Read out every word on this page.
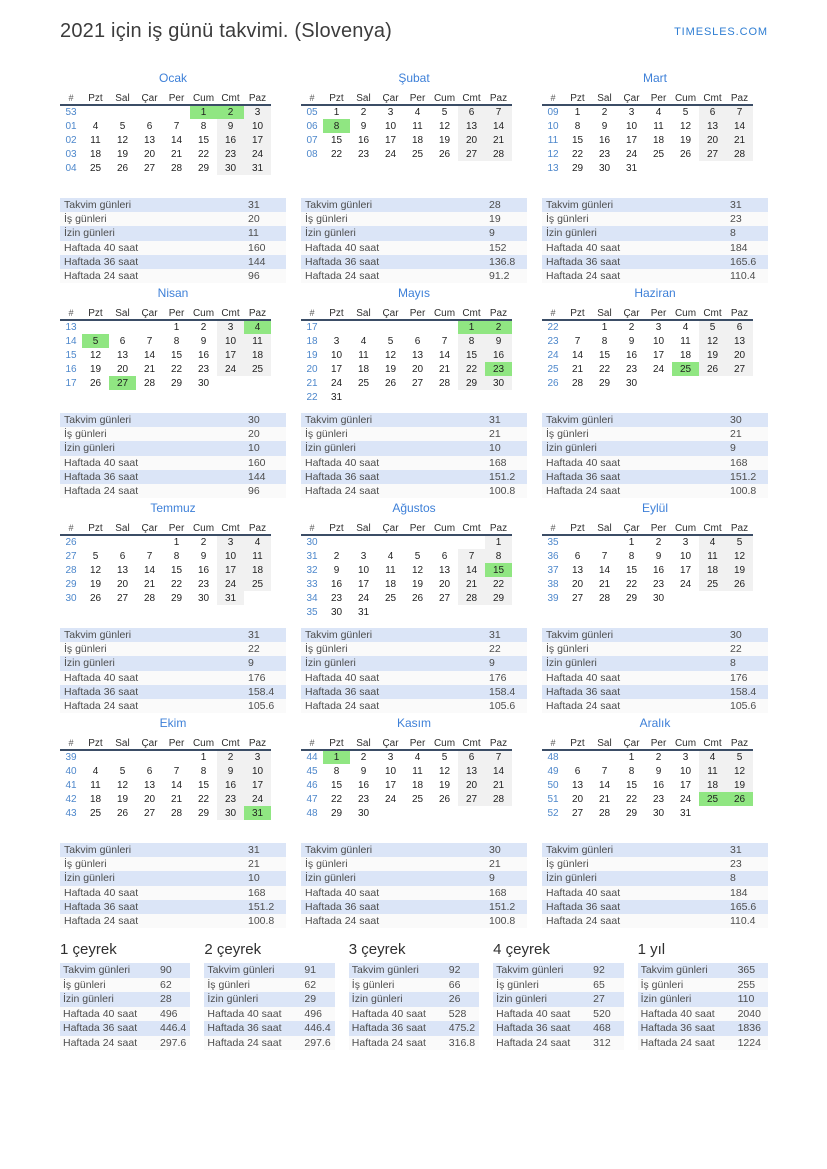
2021 için iş günü takvimi. (Slovenya)	TIMESLES.COM
Ocak
#	Pzt	Sal	Çar	Per	Cum	Cmt	Paz
53					1	2	3
01	4	5	6	7	8	9	10
02	11	12	13	14	15	16	17
03	18	19	20	21	22	23	24
04	25	26	27	28	29	30	31
Takvim günleri	31
İş günleri	20
İzin günleri	11
Haftada 40 saat	160
Haftada 36 saat	144
Haftada 24 saat	96
Şubat
#	Pzt	Sal	Çar	Per	Cum	Cmt	Paz
05	1	2	3	4	5	6	7
06	8	9	10	11	12	13	14
07	15	16	17	18	19	20	21
08	22	23	24	25	26	27	28
Takvim günleri	28
İş günleri	19
İzin günleri	9
Haftada 40 saat	152
Haftada 36 saat	136.8
Haftada 24 saat	91.2
Mart
#	Pzt	Sal	Çar	Per	Cum	Cmt	Paz
09	1	2	3	4	5	6	7
10	8	9	10	11	12	13	14
11	15	16	17	18	19	20	21
12	22	23	24	25	26	27	28
13	29	30	31				
Takvim günleri	31
İş günleri	23
İzin günleri	8
Haftada 40 saat	184
Haftada 36 saat	165.6
Haftada 24 saat	110.4
Nisan
#	Pzt	Sal	Çar	Per	Cum	Cmt	Paz
13				1	2	3	4
14	5	6	7	8	9	10	11
15	12	13	14	15	16	17	18
16	19	20	21	22	23	24	25
17	26	27	28	29	30		
Takvim günleri	30
İş günleri	20
İzin günleri	10
Haftada 40 saat	160
Haftada 36 saat	144
Haftada 24 saat	96
Mayıs
#	Pzt	Sal	Çar	Per	Cum	Cmt	Paz
17						1	2
18	3	4	5	6	7	8	9
19	10	11	12	13	14	15	16
20	17	18	19	20	21	22	23
21	24	25	26	27	28	29	30
22	31						
Takvim günleri	31
İş günleri	21
İzin günleri	10
Haftada 40 saat	168
Haftada 36 saat	151.2
Haftada 24 saat	100.8
Haziran
#	Pzt	Sal	Çar	Per	Cum	Cmt	Paz
22		1	2	3	4	5	6
23	7	8	9	10	11	12	13
24	14	15	16	17	18	19	20
25	21	22	23	24	25	26	27
26	28	29	30				
Takvim günleri	30
İş günleri	21
İzin günleri	9
Haftada 40 saat	168
Haftada 36 saat	151.2
Haftada 24 saat	100.8
Temmuz
#	Pzt	Sal	Çar	Per	Cum	Cmt	Paz
26				1	2	3	4
27	5	6	7	8	9	10	11
28	12	13	14	15	16	17	18
29	19	20	21	22	23	24	25
30	26	27	28	29	30	31	
Takvim günleri	31
İş günleri	22
İzin günleri	9
Haftada 40 saat	176
Haftada 36 saat	158.4
Haftada 24 saat	105.6
Ağustos
#	Pzt	Sal	Çar	Per	Cum	Cmt	Paz
30							1
31	2	3	4	5	6	7	8
32	9	10	11	12	13	14	15
33	16	17	18	19	20	21	22
34	23	24	25	26	27	28	29
35	30	31					
Takvim günleri	31
İş günleri	22
İzin günleri	9
Haftada 40 saat	176
Haftada 36 saat	158.4
Haftada 24 saat	105.6
Eylül
#	Pzt	Sal	Çar	Per	Cum	Cmt	Paz
35			1	2	3	4	5
36	6	7	8	9	10	11	12
37	13	14	15	16	17	18	19
38	20	21	22	23	24	25	26
39	27	28	29	30			
Takvim günleri	30
İş günleri	22
İzin günleri	8
Haftada 40 saat	176
Haftada 36 saat	158.4
Haftada 24 saat	105.6
Ekim
#	Pzt	Sal	Çar	Per	Cum	Cmt	Paz
39					1	2	3
40	4	5	6	7	8	9	10
41	11	12	13	14	15	16	17
42	18	19	20	21	22	23	24
43	25	26	27	28	29	30	31
Takvim günleri	31
İş günleri	21
İzin günleri	10
Haftada 40 saat	168
Haftada 36 saat	151.2
Haftada 24 saat	100.8
Kasım
#	Pzt	Sal	Çar	Per	Cum	Cmt	Paz
44	1	2	3	4	5	6	7
45	8	9	10	11	12	13	14
46	15	16	17	18	19	20	21
47	22	23	24	25	26	27	28
48	29	30					
Takvim günleri	30
İş günleri	21
İzin günleri	9
Haftada 40 saat	168
Haftada 36 saat	151.2
Haftada 24 saat	100.8
Aralık
#	Pzt	Sal	Çar	Per	Cum	Cmt	Paz
48			1	2	3	4	5
49	6	7	8	9	10	11	12
50	13	14	15	16	17	18	19
51	20	21	22	23	24	25	26
52	27	28	29	30	31		
Takvim günleri	31
İş günleri	23
İzin günleri	8
Haftada 40 saat	184
Haftada 36 saat	165.6
Haftada 24 saat	110.4
1 çeyrek
Takvim günleri	90
İş günleri	62
İzin günleri	28
Haftada 40 saat	496
Haftada 36 saat	446.4
Haftada 24 saat	297.6
2 çeyrek
Takvim günleri	91
İş günleri	62
İzin günleri	29
Haftada 40 saat	496
Haftada 36 saat	446.4
Haftada 24 saat	297.6
3 çeyrek
Takvim günleri	92
İş günleri	66
İzin günleri	26
Haftada 40 saat	528
Haftada 36 saat	475.2
Haftada 24 saat	316.8
4 çeyrek
Takvim günleri	92
İş günleri	65
İzin günleri	27
Haftada 40 saat	520
Haftada 36 saat	468
Haftada 24 saat	312
1 yıl
Takvim günleri	365
İş günleri	255
İzin günleri	110
Haftada 40 saat	2040
Haftada 36 saat	1836
Haftada 24 saat	1224
